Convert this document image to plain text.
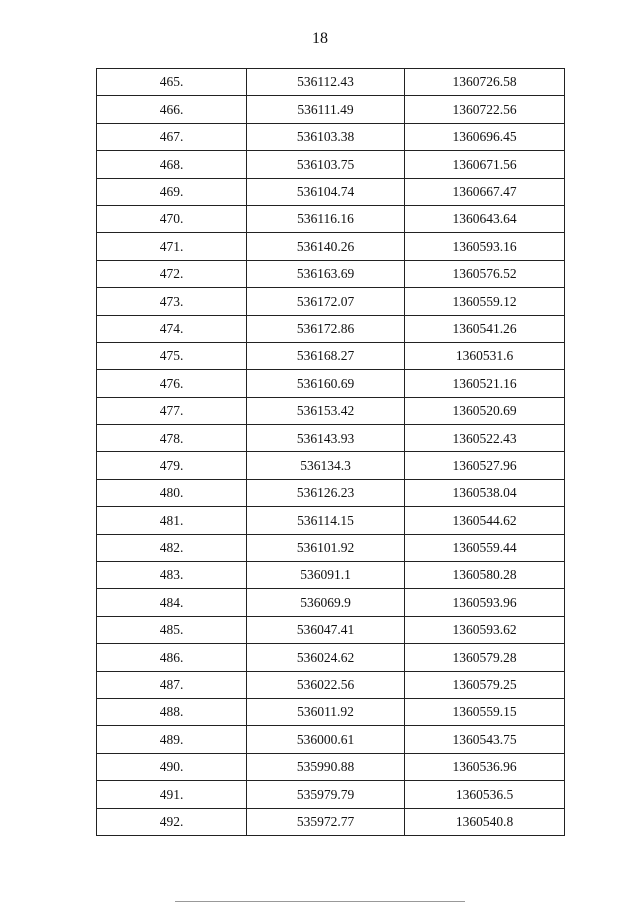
18
465.	536112.43	1360726.58
466.	536111.49	1360722.56
467.	536103.38	1360696.45
468.	536103.75	1360671.56
469.	536104.74	1360667.47
470.	536116.16	1360643.64
471.	536140.26	1360593.16
472.	536163.69	1360576.52
473.	536172.07	1360559.12
474.	536172.86	1360541.26
475.	536168.27	1360531.6
476.	536160.69	1360521.16
477.	536153.42	1360520.69
478.	536143.93	1360522.43
479.	536134.3	1360527.96
480.	536126.23	1360538.04
481.	536114.15	1360544.62
482.	536101.92	1360559.44
483.	536091.1	1360580.28
484.	536069.9	1360593.96
485.	536047.41	1360593.62
486.	536024.62	1360579.28
487.	536022.56	1360579.25
488.	536011.92	1360559.15
489.	536000.61	1360543.75
490.	535990.88	1360536.96
491.	535979.79	1360536.5
492.	535972.77	1360540.8
